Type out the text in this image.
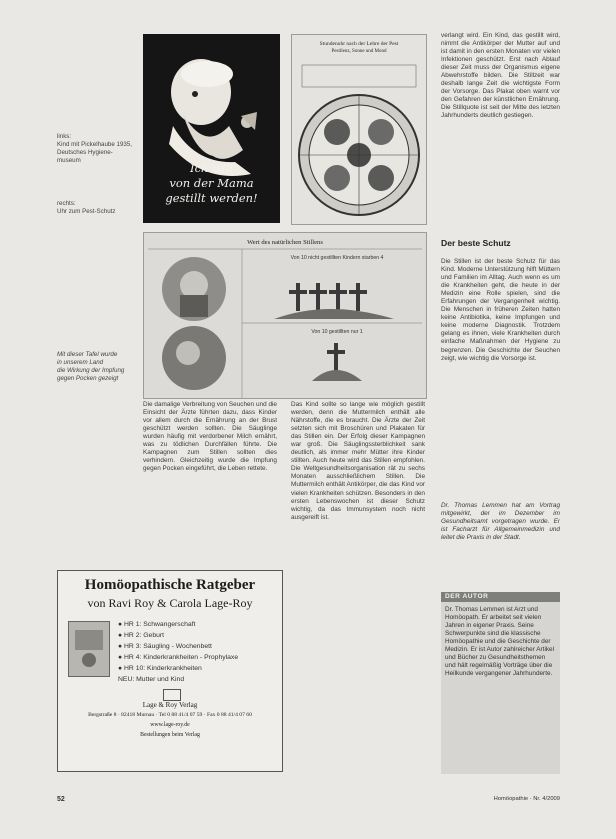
Ich will
von der Mama
gestillt werden!
links:
Kind mit Pickelhaube 1935,
Deutsches Hygiene-
museum
rechts:
Uhr zum Pest-Schutz
Stundenuhr nach der Lehre der Pest
Pestilenz, Sonne und Mond
Wert des natürlichen Stillens
Von 10 nicht gestillten Kindern starben 4
Von 10 gestillten nur 1
Mit dieser Tafel wurde
in unserem Land
die Wirkung der Impfung
gegen Pocken gezeigt
verlangt wird. Ein Kind, das gestillt wird, nimmt die Antikörper der Mutter auf und ist damit in den ersten Monaten vor vielen Infektionen geschützt. Erst nach Ablauf dieser Zeit muss der Organismus eigene Abwehrstoffe bilden. Die Stillzeit war deshalb lange Zeit die wichtigste Form der Vorsorge. Das Plakat oben warnt vor den Gefahren der künstlichen Ernährung. Die Stillquote ist seit der Mitte des letzten Jahrhunderts deutlich gestiegen.
Der beste Schutz
Die Stillen ist der beste Schutz für das Kind. Moderne Unterstützung hilft Müttern und Familien im Alltag. Auch wenn es um die Krankheiten geht, die heute in der Medizin eine Rolle spielen, sind die Erfahrungen der Vergangenheit wichtig. Die Menschen in früheren Zeiten hatten keine Antibiotika, keine Impfungen und keine moderne Diagnostik. Trotzdem gelang es ihnen, viele Krankheiten durch einfache Maßnahmen der Hygiene zu begrenzen. Die Geschichte der Seuchen zeigt, wie wichtig die Vorsorge ist.
Dr. Thomas Lemmen hat am Vortrag mitgewirkt, der im Dezember im Gesundheitsamt vorgetragen wurde. Er ist Facharzt für Allgemeinmedizin und leitet die Praxis in der Stadt.
DER AUTOR
Dr. Thomas Lemmen ist Arzt und Homöopath. Er arbeitet seit vielen Jahren in eigener Praxis. Seine Schwerpunkte sind die klassische Homöopathie und die Geschichte der Medizin. Er ist Autor zahlreicher Artikel und Bücher zu Gesundheitsthemen und hält regelmäßig Vorträge über die Heilkunde vergangener Jahrhunderte.
Die damalige Verbreitung von Seuchen und die Einsicht der Ärzte führten dazu, dass Kinder vor allem durch die Ernährung an der Brust geschützt werden sollten. Die Säuglinge wurden häufig mit verdorbener Milch ernährt, was zu tödlichen Durchfällen führte. Die Kampagnen zum Stillen sollten dies verhindern. Gleichzeitig wurde die Impfung gegen Pocken eingeführt, die Leben rettete.
Das Kind sollte so lange wie möglich gestillt werden, denn die Muttermilch enthält alle Nährstoffe, die es braucht. Die Ärzte der Zeit setzten sich mit Broschüren und Plakaten für das Stillen ein. Der Erfolg dieser Kampagnen war groß. Die Säuglingssterblichkeit sank deutlich, als immer mehr Mütter ihre Kinder stillten. Auch heute wird das Stillen empfohlen. Die Weltgesundheitsorganisation rät zu sechs Monaten ausschließlichem Stillen. Die Muttermilch enthält Antikörper, die das Kind vor vielen Krankheiten schützen. Besonders in den ersten Lebenswochen ist dieser Schutz wichtig, da das Immunsystem noch nicht ausgereift ist.
Homöopathische Ratgeber
von Ravi Roy & Carola Lage-Roy
● HR 1: Schwangerschaft
● HR 2: Geburt
● HR 3: Säugling - Wochenbett
● HR 4: Kinderkrankheiten - Prophylaxe
● HR 10: Kinderkrankheiten
NEU: Mutter und Kind
Lage & Roy Verlag
Bergstraße 8 · 82418 Murnau · Tel 0 88 41/4 07 59 · Fax 0 88 41/4 07 60
www.lage-roy.de
Bestellungen beim Verlag
52	Homöopathie · Nr. 4/2009
